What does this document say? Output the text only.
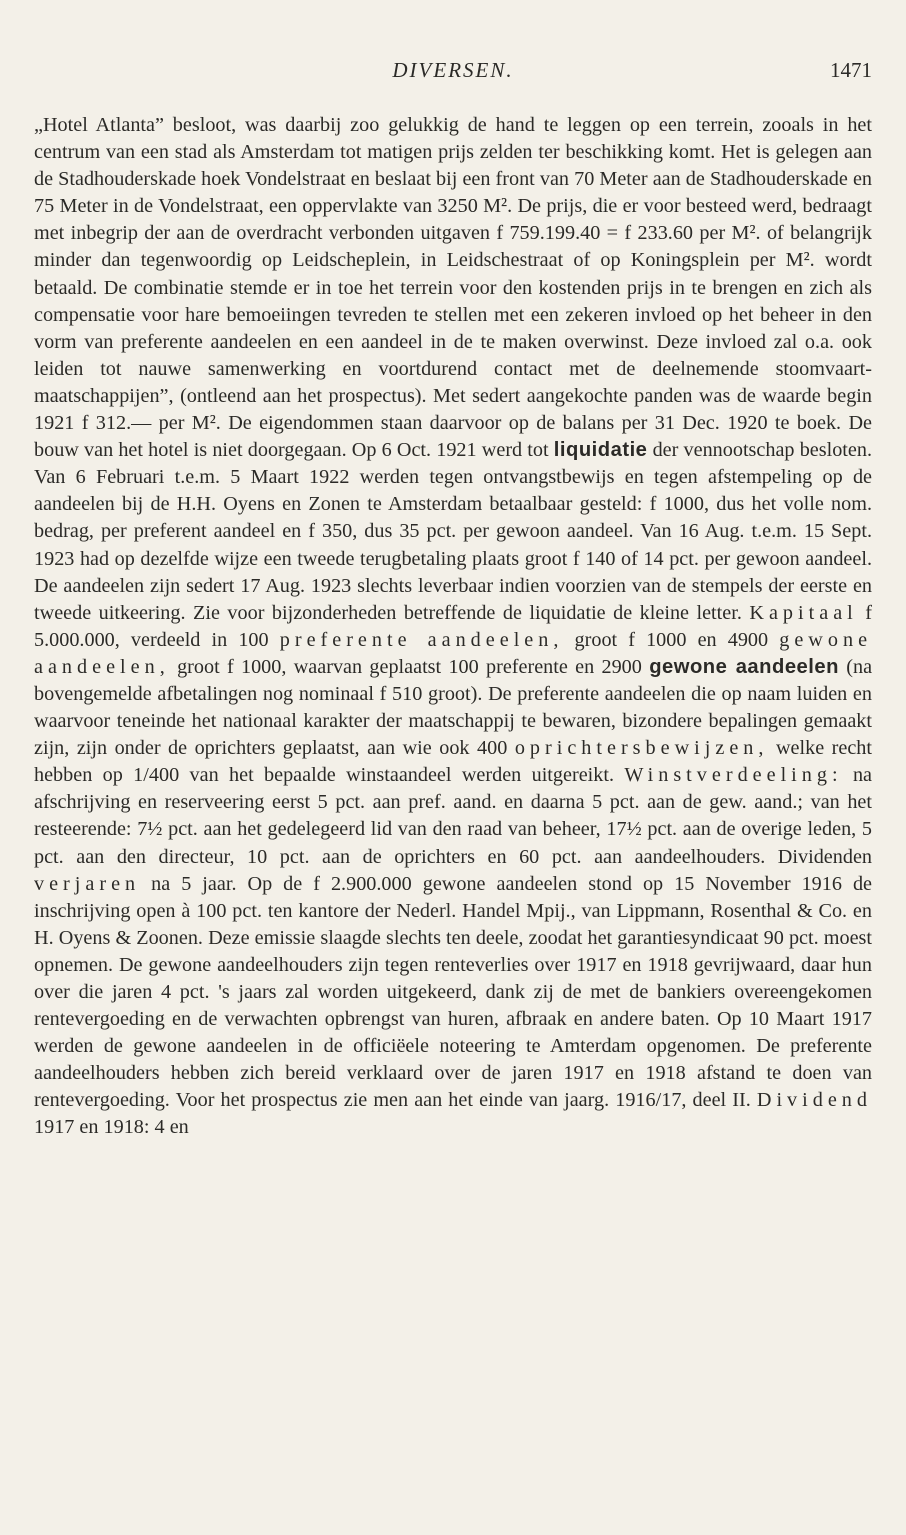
DIVERSEN.	1471

„Hotel Atlanta” besloot, was daarbij zoo gelukkig de hand te leggen op een terrein, zooals in het centrum van een stad als Amsterdam tot matigen prijs zelden ter beschikking komt. Het is gelegen aan de Stadhouderskade hoek Vondelstraat en beslaat bij een front van 70 Meter aan de Stadhouderskade en 75 Meter in de Vondelstraat, een oppervlakte van 3250 M². De prijs, die er voor besteed werd, bedraagt met inbegrip der aan de overdracht verbonden uitgaven f 759.199.40 = f 233.60 per M². of belangrijk minder dan tegenwoordig op Leidscheplein, in Leidschestraat of op Koningsplein per M². wordt betaald. De combinatie stemde er in toe het terrein voor den kostenden prijs in te brengen en zich als compensatie voor hare bemoeiingen tevreden te stellen met een zekeren invloed op het beheer in den vorm van preferente aandeelen en een aandeel in de te maken overwinst. Deze invloed zal o.a. ook leiden tot nauwe samenwerking en voortdurend contact met de deelnemende stoomvaart-maatschappijen”, (ontleend aan het prospectus). Met sedert aangekochte panden was de waarde begin 1921 f 312.— per M². De eigendommen staan daarvoor op de balans per 31 Dec. 1920 te boek. De bouw van het hotel is niet doorgegaan. Op 6 Oct. 1921 werd tot liquidatie der vennootschap besloten. Van 6 Februari t.e.m. 5 Maart 1922 werden tegen ontvangstbewijs en tegen afstempeling op de aandeelen bij de H.H. Oyens en Zonen te Amsterdam betaalbaar gesteld: f 1000, dus het volle nom. bedrag, per preferent aandeel en f 350, dus 35 pct. per gewoon aandeel. Van 16 Aug. t.e.m. 15 Sept. 1923 had op dezelfde wijze een tweede terugbetaling plaats groot f 140 of 14 pct. per gewoon aandeel. De aandeelen zijn sedert 17 Aug. 1923 slechts leverbaar indien voorzien van de stempels der eerste en tweede uitkeering. Zie voor bijzonderheden betreffende de liquidatie de kleine letter. Kapitaal f 5.000.000, verdeeld in 100 preferente aandeelen, groot f 1000 en 4900 gewone aandeelen, groot f 1000, waarvan geplaatst 100 preferente en 2900 gewone aandeelen (na bovengemelde afbetalingen nog nominaal f 510 groot). De preferente aandeelen die op naam luiden en waarvoor teneinde het nationaal karakter der maatschappij te bewaren, bizondere bepalingen gemaakt zijn, zijn onder de oprichters geplaatst, aan wie ook 400 oprichtersbewijzen, welke recht hebben op 1/400 van het bepaalde winstaandeel werden uitgereikt. Winstverdeeling: na afschrijving en reserveering eerst 5 pct. aan pref. aand. en daarna 5 pct. aan de gew. aand.; van het resteerende: 7½ pct. aan het gedelegeerd lid van den raad van beheer, 17½ pct. aan de overige leden, 5 pct. aan den directeur, 10 pct. aan de oprichters en 60 pct. aan aandeelhouders. Dividenden verjaren na 5 jaar. Op de f 2.900.000 gewone aandeelen stond op 15 November 1916 de inschrijving open à 100 pct. ten kantore der Nederl. Handel Mpij., van Lippmann, Rosenthal & Co. en H. Oyens & Zoonen. Deze emissie slaagde slechts ten deele, zoodat het garantiesyndicaat 90 pct. moest opnemen. De gewone aandeelhouders zijn tegen renteverlies over 1917 en 1918 gevrijwaard, daar hun over die jaren 4 pct. 's jaars zal worden uitgekeerd, dank zij de met de bankiers overeengekomen rentevergoeding en de verwachten opbrengst van huren, afbraak en andere baten. Op 10 Maart 1917 werden de gewone aandeelen in de officiëele noteering te Amterdam opgenomen. De preferente aandeelhouders hebben zich bereid verklaard over de jaren 1917 en 1918 afstand te doen van rentevergoeding. Voor het prospectus zie men aan het einde van jaarg. 1916/17, deel II. Dividend 1917 en 1918: 4 en
